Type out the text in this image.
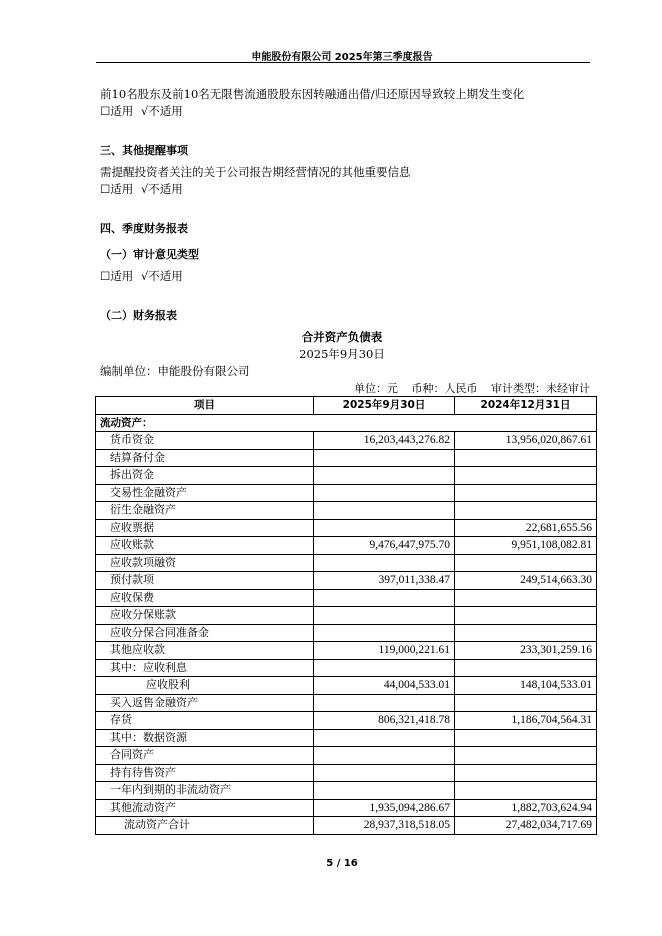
申能股份有限公司 2025年第三季度报告
前10名股东及前10名无限售流通股股东因转融通出借/归还原因导致较上期发生变化
☐适用 √不适用
三、其他提醒事项
需提醒投资者关注的关于公司报告期经营情况的其他重要信息
☐适用 √不适用
四、季度财务报表
（一）审计意见类型
☐适用 √不适用
（二）财务报表
合并资产负债表
2025年9月30日
编制单位：申能股份有限公司
单位：元 币种：人民币 审计类型：未经审计
项目	2025年9月30日	2024年12月31日
流动资产：		
货币资金	16,203,443,276.82	13,956,020,867.61
结算备付金		
拆出资金		
交易性金融资产		
衍生金融资产		
应收票据		22,681,655.56
应收账款	9,476,447,975.70	9,951,108,082.81
应收款项融资		
预付款项	397,011,338.47	249,514,663.30
应收保费		
应收分保账款		
应收分保合同准备金		
其他应收款	119,000,221.61	233,301,259.16
其中：应收利息		
应收股利	44,004,533.01	148,104,533.01
买入返售金融资产		
存货	806,321,418.78	1,186,704,564.31
其中：数据资源		
合同资产		
持有待售资产		
一年内到期的非流动资产		
其他流动资产	1,935,094,286.67	1,882,703,624.94
流动资产合计	28,937,318,518.05	27,482,034,717.69
5 / 16
